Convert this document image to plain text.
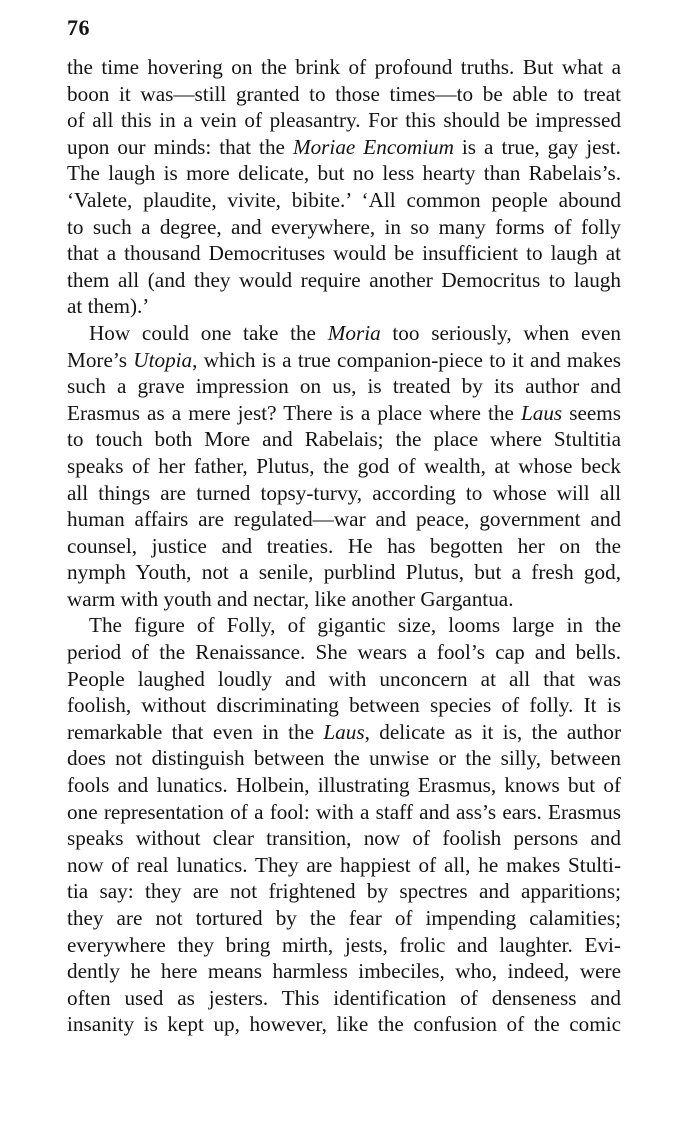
76
the time hovering on the brink of profound truths. But what a
boon it was—still granted to those times—to be able to treat
of all this in a vein of pleasantry. For this should be impressed
upon our minds: that the Moriae Encomium is a true, gay jest.
The laugh is more delicate, but no less hearty than Rabelais’s.
‘Valete, plaudite, vivite, bibite.’ ‘All common people abound
to such a degree, and everywhere, in so many forms of folly
that a thousand Democrituses would be insufficient to laugh at
them all (and they would require another Democritus to laugh
at them).’
How could one take the Moria too seriously, when even
More’s Utopia, which is a true companion-piece to it and makes
such a grave impression on us, is treated by its author and
Erasmus as a mere jest? There is a place where the Laus seems
to touch both More and Rabelais; the place where Stultitia
speaks of her father, Plutus, the god of wealth, at whose beck
all things are turned topsy-turvy, according to whose will all
human affairs are regulated—war and peace, government and
counsel, justice and treaties. He has begotten her on the
nymph Youth, not a senile, purblind Plutus, but a fresh god,
warm with youth and nectar, like another Gargantua.
The figure of Folly, of gigantic size, looms large in the
period of the Renaissance. She wears a fool’s cap and bells.
People laughed loudly and with unconcern at all that was
foolish, without discriminating between species of folly. It is
remarkable that even in the Laus, delicate as it is, the author
does not distinguish between the unwise or the silly, between
fools and lunatics. Holbein, illustrating Erasmus, knows but of
one representation of a fool: with a staff and ass’s ears. Erasmus
speaks without clear transition, now of foolish persons and
now of real lunatics. They are happiest of all, he makes Stulti-
tia say: they are not frightened by spectres and apparitions;
they are not tortured by the fear of impending calamities;
everywhere they bring mirth, jests, frolic and laughter. Evi-
dently he here means harmless imbeciles, who, indeed, were
often used as jesters. This identification of denseness and
insanity is kept up, however, like the confusion of the comic
